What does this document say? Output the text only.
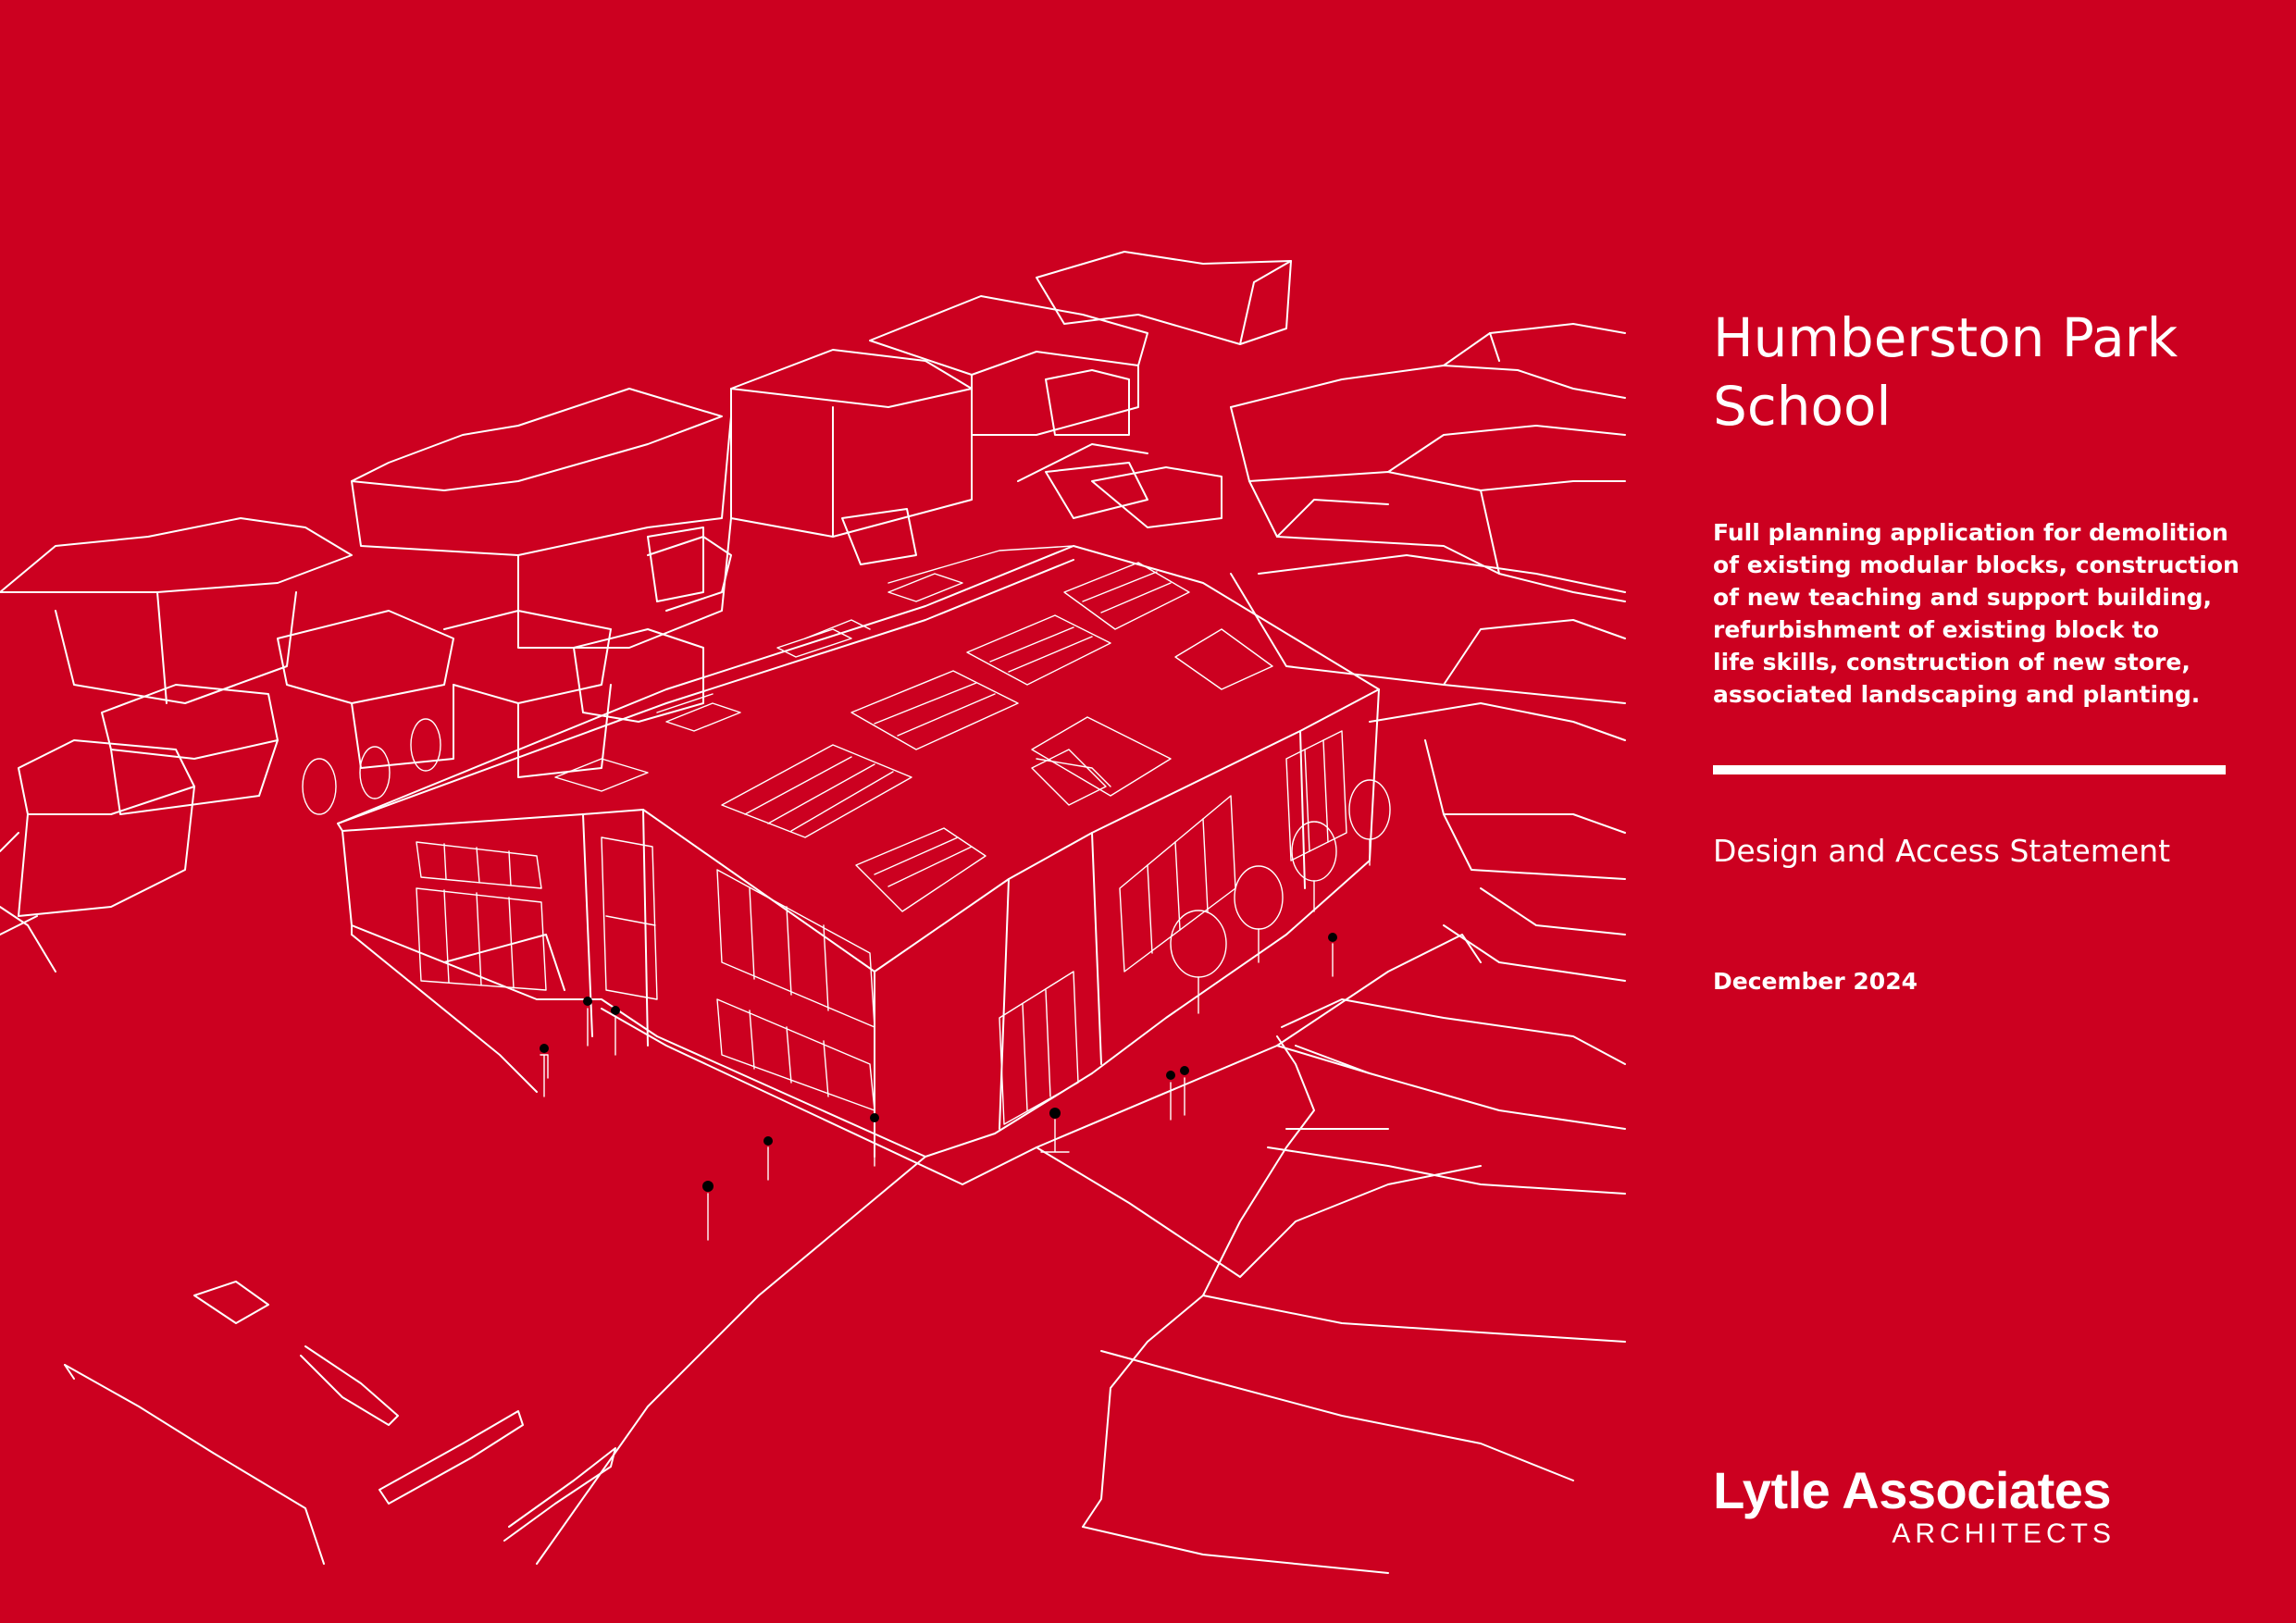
Humberston Park
School

Full planning application for demolition
of existing modular blocks, construction
of new teaching and support building,
refurbishment of existing block to
life skills, construction of new store,
associated landscaping and planting.

Design and Access Statement

December 2024

Lytle Associates
ARCHITECTS
